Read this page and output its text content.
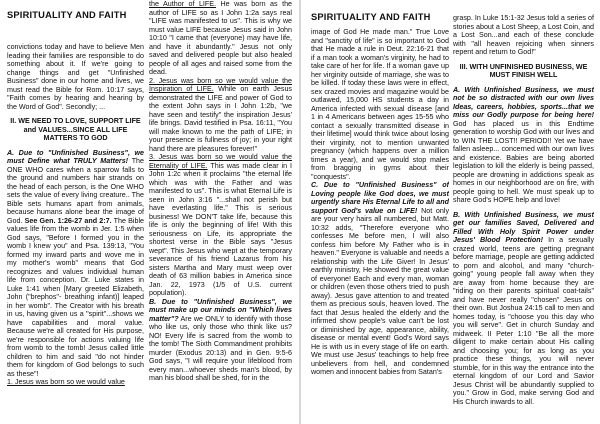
SPIRITUALITY AND FAITH

convictions today and have to believe Men leading their families are responsible to do something about it. If we're going to change things and get "Unfinished Business" done in our home and lives, we must read the Bible for Rom. 10:17 says, "Faith comes by hearing and hearing by the Word of God". Secondly; ...

II. WE NEED TO LOVE, SUPPORT LIFE and VALUES...SINCE ALL LIFE MATTERS TO GOD

A. Due to "Unfinished Business", we must Define what TRULY Matters! The ONE WHO cares when a sparrow falls to the ground and numbers hair strands on the head of each person, is the One WHO sets the value of every living creature.. The Bible sets humans apart from animals, because humans alone bear the image of God. See Gen. 1:26-27 and 2:7. The Bible values life from the womb in Jer. 1:5 when God says, "Before I formed you in the womb I knew you" and Psa. 139:13, "You formed my inward parts and wove me in my mother's womb" means that God recognizes and values individual human life from conception. Dr. Luke states in Luke 1:41 when [Mary greeted Elizabeth, John ("brephos"- breathing infant)] leaped in her womb". The Creator with his breath in us, having given us a "spirit"...shows we have capabilities and moral value. Because we're all created for His purpose, we're responsible for actions valuing life from womb to the tomb! Jesus called little children to him and said "do not hinder them for kingdom of God belongs to such as these"!

1. Jesus was born so we would value

the Author of LIFE. He was born as the author of LIFE so as I John 1:2a says real "LIFE was manifested to us". This is why we must value LIFE because Jesus said in John 10:10 "I came that (everyone) may have life, and have it abundantly." Jesus not only saved and delivered people but also healed people of all ages and raised some from the dead.

2. Jesus was born so we would value the Inspiration of LIFE. While on earth Jesus demonstrated the LIFE and power of God to the extent John says in I John 1:2b, "we have seen and testify" the inspiration Jesus' life brings. David testified in Psa. 16:11, "You will make known to me the path of LIFE; in your presence is fullness of joy; in your right hand there are pleasures forever!"

3. Jesus was born so we would value the Eternality of LIFE. This was made clear in I John 1:2c when it proclaims "the eternal life which was with the Father and was manifested to us". This is what Eternal Life is seen in John 3:16 "...shall not perish but have everlasting life." This is serious business! We DON'T take life, because this life is only the beginning of life! With this seriousness on Life, its appropriate the shortest verse in the Bible says "Jesus wept". This Jesus who wept at the temporary severance of his friend Lazarus from his sisters Martha and Mary must weep over death of 63 million babies in America since Jan. 22, 1973 (1/5 of U.S. current population).

B. Due to "Unfinished Business", we must make up our minds on "Which lives matter"? Are we ONLY to identify with those who like us, only those who think like us? NO! Every life is sacred from the womb to the tomb! The Sixth Commandment prohibits murder (Exodus 20:13) and in Gen. 9:5-6 God says, "I will require your lifeblood from every man...whoever sheds man's blood, by man his blood shall be shed, for in the

SPIRITUALITY AND FAITH

image of God He made man." True Love and "sanctity of life" is so important to God that He made a rule in Deut. 22:16-21 that if a man took a woman's virginity, he had to take care of her for life. If a woman gave up her virginity outside of marriage, she was to be killed. If today these laws were in effect, sex crazed movies and magazine would be outlawed, 15,000 HS students a day in America infected with sexual disease [and 1 in 4 Americans between ages 15-55 who contact a sexually transmitted disease in their lifetime] would think twice about losing their virginity, not to mention unwanted pregnancy (which happens over a million times a year), and we would stop males from bragging in gyms about their "conquests".

C. Due to "Unfinished Business" of Loving people like God does, we must urgently share His Eternal Life to all and support God's value on LIFE! Not only are your very hairs all numbered, but Matt. 10:32 adds, "Therefore everyone who confesses Me before men, I will also confess him before My Father who is in heaven." Everyone is valuable and needs a relationship with the Life Giver! In Jesus' earthly ministry, He showed the great value of everyone! Each and every man, woman or children (even those others tried to push away). Jesus gave attention to and treated them as precious souls, heaven loved. The fact that Jesus healed the elderly and the infirmed show people's value can't be lost or diminished by age, appearance, ability, disease or mental event! God's Word says He is with us in every stage of life on earth. We must use Jesus' teachings to help free unbelievers from hell, and condemned women and innocent babies from Satan's

grasp. In Luke 15:1-32 Jesus told a series of stories about a Lost Sheep, a Lost Coin, and a Lost Son...and each of these conclude with "all heaven rejoicing when sinners repent and return to God!"

III. WITH UNFINISHED BUSINESS, WE MUST FINISH WELL

A. With Unfinished Business, we must not be so distracted with our own lives Ideas, careers, hobbies, sports...that we miss our Godly purpose for being here! God has placed us in this Endtime generation to worship God with our lives and to WIN THE LOST!! PERIOD!! Yet we have fallen asleep... concerned with our own lives and existence. Babies are being aborted legislation to kill the elderly is being passed, people are drowning in addictions speak as homes in our neighborhood are on fire, with people going to hell. We must speak up to share God's HOPE help and love!

B. With Unfinished Business, we must get our families Saved, Delivered and Filled With Holy Spirit Power under Jesus' Blood Protection! In a sexually crazed world, teens are getting pregnant before marriage, people are getting addicted to porn and alcohol, and many "church-going" young people fall away when they are away from home because they are "riding on their parents spiritual coat-tails" and have never really "chosen" Jesus on their own. But Joshua 24:15 call to men and homes today, is "choose you this day who you will serve". Get in church Sunday and midweek. II Peter 1:10 "Be all the more diligent to make certain about His calling and choosing you; for as long as you practice these things, you will never stumble, for in this way the entrance into the eternal kingdom of our Lord and Savior Jesus Christ will be abundantly supplied to you." Grow in God, make serving God and His Church inwards to all.
